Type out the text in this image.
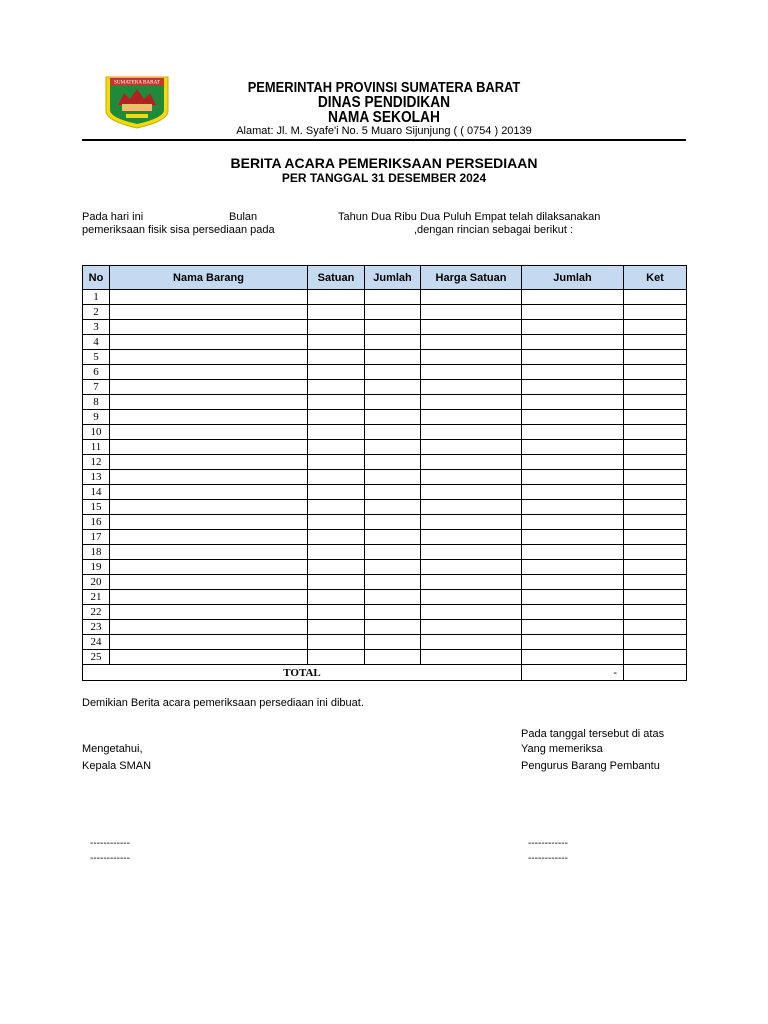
SUMATERA BARAT	PEMERINTAH PROVINSI SUMATERA BARAT
DINAS PENDIDIKAN
NAMA SEKOLAH
Alamat: Jl. M. Syafe'i No. 5 Muaro Sijunjung ( ( 0754 ) 20139
BERITA ACARA PEMERIKSAAN PERSEDIAAN
PER TANGGAL 31 DESEMBER 2024
Pada hari ini	Bulan	Tahun Dua Ribu Dua Puluh Empat telah dilaksanakan
pemeriksaan fisik sisa persediaan pada	,dengan rincian sebagai berikut :
No	Nama Barang	Satuan	Jumlah	Harga Satuan	Jumlah	Ket
1						
2						
3						
4						
5						
6						
7						
8						
9						
10						
11						
12						
13						
14						
15						
16						
17						
18						
19						
20						
21						
22						
23						
24						
25						
TOTAL					-	
Demikian Berita acara pemeriksaan persediaan ini dibuat.
Pada tanggal tersebut di atas
Mengetahui,	Yang memeriksa
Kepala SMAN	Pengurus Barang Pembantu
------------
------------
------------
------------
